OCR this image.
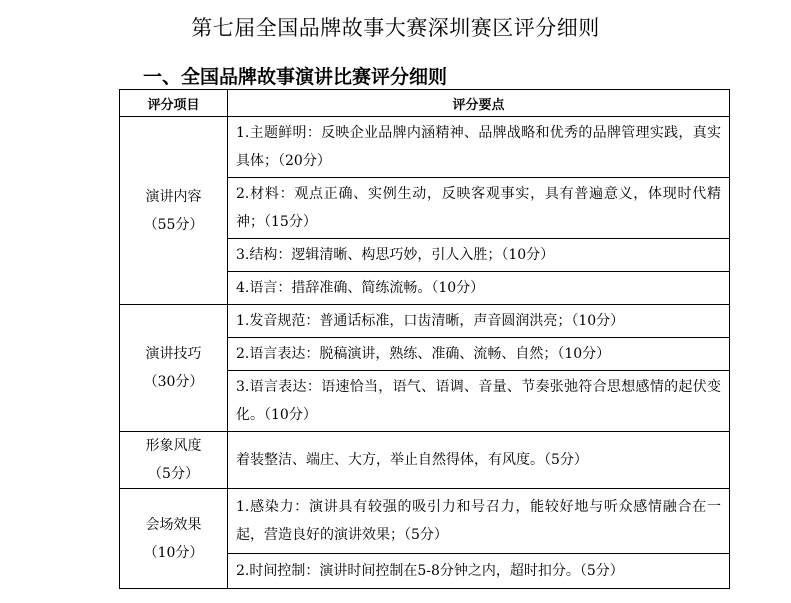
第七届全国品牌故事大赛深圳赛区评分细则
一、全国品牌故事演讲比赛评分细则
评分项目	评分要点

演讲内容
（55分）	1.主题鲜明：反映企业品牌内涵精神、品牌战略和优秀的品牌管理实践，真实具体；（20分）
	2.材料：观点正确、实例生动，反映客观事实，具有普遍意义，体现时代精神；（15分）
	3.结构：逻辑清晰、构思巧妙，引人入胜；（10分）
	4.语言：措辞准确、简练流畅。（10分）

演讲技巧
（30分）	1.发音规范：普通话标准，口齿清晰，声音圆润洪亮；（10分）
	2.语言表达：脱稿演讲，熟练、准确、流畅、自然；（10分）
	3.语言表达：语速恰当，语气、语调、音量、节奏张弛符合思想感情的起伏变化。（10分）

形象风度
（5分）	着装整洁、端庄、大方，举止自然得体，有风度。（5分）

会场效果
（10分）	1.感染力：演讲具有较强的吸引力和号召力，能较好地与听众感情融合在一起，营造良好的演讲效果；（5分）
	2.时间控制：演讲时间控制在5-8分钟之内，超时扣分。（5分）
